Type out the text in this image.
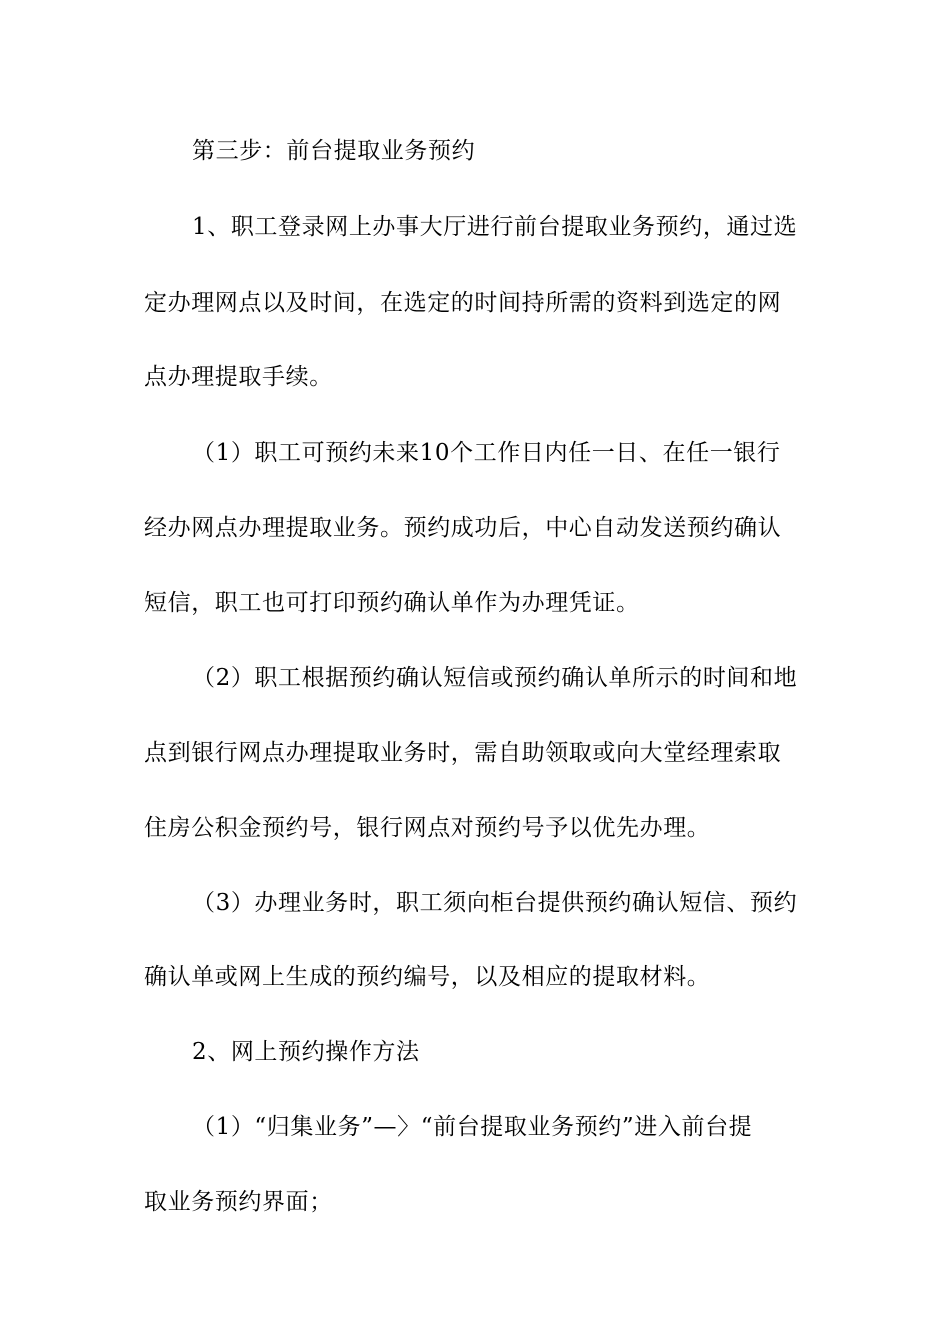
第三步：前台提取业务预约
1、职工登录网上办事大厅进行前台提取业务预约，通过选
定办理网点以及时间，在选定的时间持所需的资料到选定的网
点办理提取手续。
（1）职工可预约未来10个工作日内任一日、在任一银行
经办网点办理提取业务。预约成功后，中心自动发送预约确认
短信，职工也可打印预约确认单作为办理凭证。
（2）职工根据预约确认短信或预约确认单所示的时间和地
点到银行网点办理提取业务时，需自助领取或向大堂经理索取
住房公积金预约号，银行网点对预约号予以优先办理。
（3）办理业务时，职工须向柜台提供预约确认短信、预约
确认单或网上生成的预约编号，以及相应的提取材料。
2、网上预约操作方法
（1）“归集业务”—〉“前台提取业务预约”进入前台提
取业务预约界面；
